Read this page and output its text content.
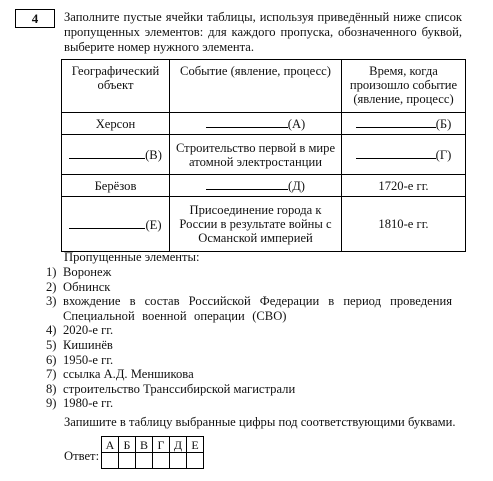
4	Заполните пустые ячейки таблицы, используя приведённый ниже список пропущенных элементов: для каждого пропуска, обозначенного буквой, выберите номер нужного элемента.
Географический объект	Событие (явление, процесс)	Время, когда произошло событие (явление, процесс)
Херсон	(А)	(Б)
(В)	Строительство первой в мире атомной электростанции	(Г)
Берёзов	(Д)	1720-е гг.
(Е)	Присоединение города к России в результате войны с Османской империей	1810-е гг.
Пропущенные элементы:
1) Воронеж
2) Обнинск
3) вхождение в состав Российской Федерации в период проведения Специальной военной операции (СВО)
4) 2020-е гг.
5) Кишинёв
6) 1950-е гг.
7) ссылка А.Д. Меншикова
8) строительство Транссибирской магистрали
9) 1980-е гг.
Запишите в таблицу выбранные цифры под соответствующими буквами.
Ответ:
А	Б	В	Г	Д	Е
